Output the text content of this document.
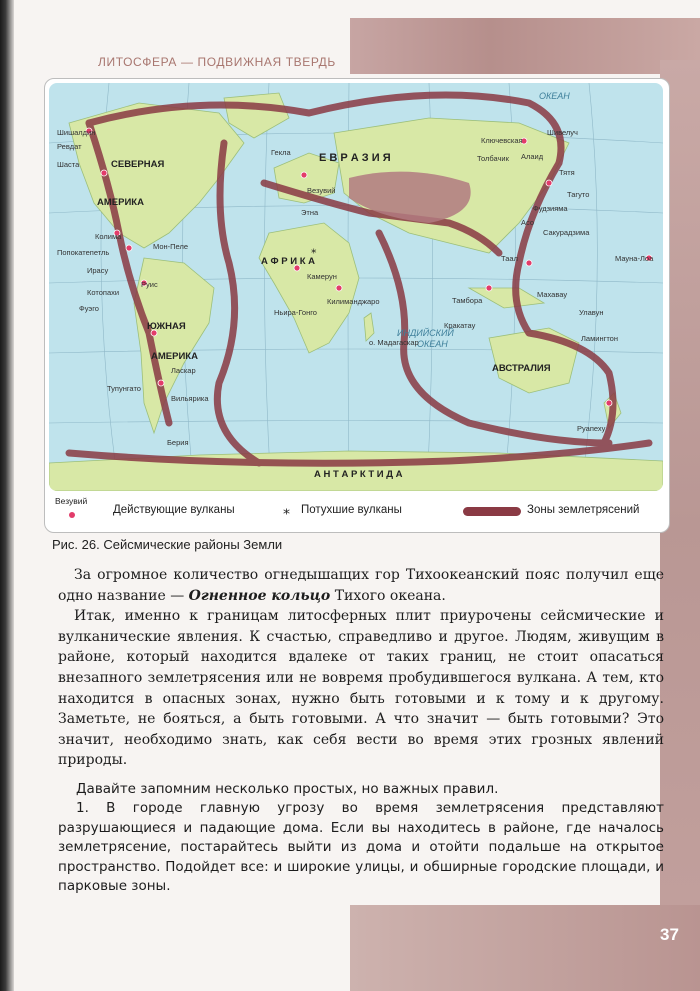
ЛИТОСФЕРА — ПОДВИЖНАЯ ТВЕРДЬ
СЕВЕРНАЯ
АМЕРИКА
ЮЖНАЯ
АМЕРИКА
А Ф Р И К А
Е В Р А З И Я
АВСТРАЛИЯ
А Н Т А Р К Т И Д А
ИНДИЙСКИЙ
ОКЕАН
ОКЕАН
Шишалдин
Ревдат
Шаста
Колима
Попокатепетль
Мон-Пеле
Ирасу
Котопахи
Руис
Тупунгато
Вильярика
Ласкар
Берия
Гекла
Этна
Везувий
Камерун
Ньира-Гонго
Килиманджаро
о. Мадагаскар
Кракатау
Таал
Тамбора
Махавау
Улавун
Ламингтон
Руапеху
Мауна-Лоа
Ключевская
Шивелуч
Толбачик Алаид
Тятя
Фудзияма
Асо
Сакурадзима
Фуэго
Тагуто
⁎
Везувий
Действующие вулканы	⁎ Потухшие вулканы	Зоны землетрясений
Рис. 26. Сейсмические районы Земли

За огромное количество огнедышащих гор Тихоокеанский пояс получил еще одно название — Огненное кольцо Тихого океана.

Итак, именно к границам литосферных плит приурочены сейсмические и вулканические явления. К счастью, справедливо и другое. Людям, живущим в районе, который находится вдалеке от таких границ, не стоит опасаться внезапного землетрясения или не вовремя пробудившегося вулкана. А тем, кто находится в опасных зонах, нужно быть готовыми и к тому и к другому. Заметьте, не бояться, а быть готовыми. А что значит — быть готовыми? Это значит, необходимо знать, как себя вести во время этих грозных явлений природы.

Давайте запомним несколько простых, но важных правил.

1. В городе главную угрозу во время землетрясения представляют разрушающиеся и падающие дома. Если вы находитесь в районе, где началось землетрясение, постарайтесь выйти из дома и отойти подальше на открытое пространство. Подойдет все: и широкие улицы, и обширные городские площади, и парковые зоны.

37
